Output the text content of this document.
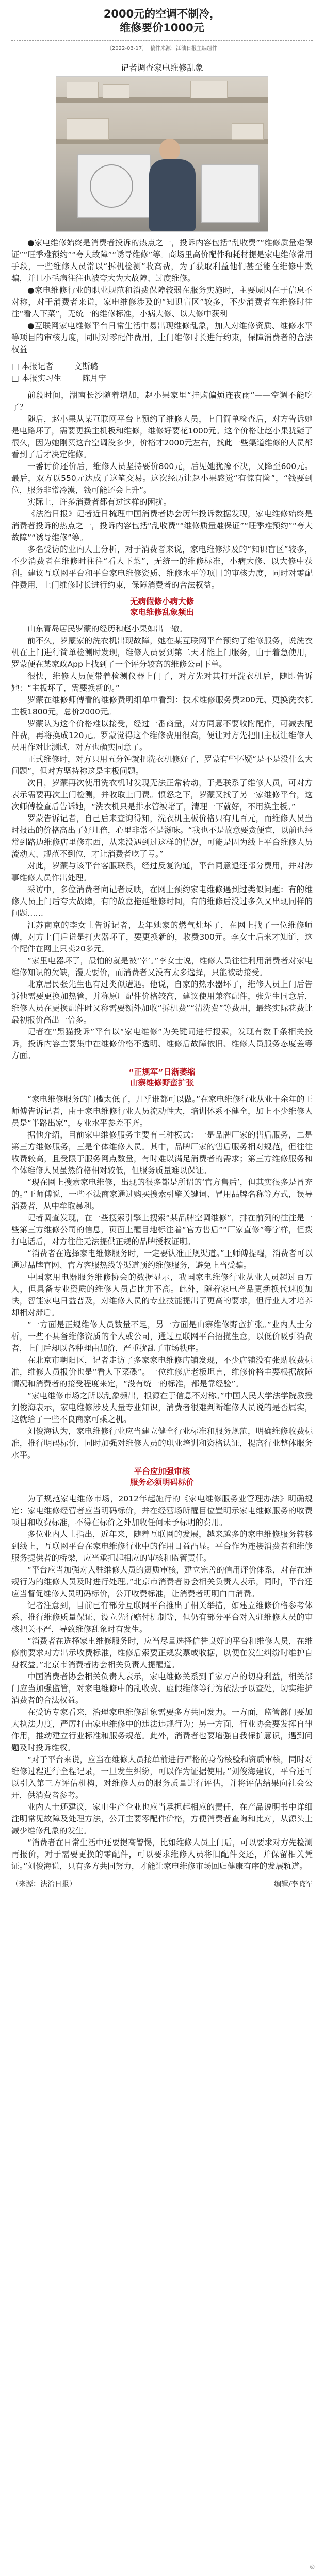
2000元的空调不制冷，
维修要价1000元
〔2022-03-17〕 稿件来源：江油日报主编组件
记者调查家电维修乱象

●家电维修始终是消费者投诉的热点之一，投诉内容包括“乱收费”“维修质量难保证”“旺季难预约”“夸大故障”“诱导维修”等。商场里高价配件和耗材提是家电维修常用手段，一些维修人员常以“拆机检测”收高费，为了获取利益他们甚至能在维修中欺骗，并且小毛病往往也被夸大为大故障、过度维修。

●家电维修行业的职业规范和消费保障较弱在服务实施时，主要原因在于信息不对称，对于消费者来说，家电维修涉及的“知识盲区”较多，不少消费者在维修时往往“看人下菜”，无统一的维修标准，小病大修、以大修中获利

●互联网家电维修平台日常生活中易出现维修乱象，加大对维修资质、维修水平等项目的审核力度，同时对零配件费用，上门维修时长进行约束，保障消费者的合法权益

□ 本报记者	文斯璐
□ 本报实习生	陈月宁

前段时间，湖南长沙随着增加，赵小果家里“挂购偏烦连夜雨”——空调不能吃了？

随后，赵小果从某互联网平台上预约了维修人员，上门简单检查后，对方告诉她是电路坏了，需要更换主机板和维修，维修好要花1000元。这个价格让赵小果犹疑了很久，因为她刚买这台空调没多少，价格才2000元左右，找此一些渠道维修的人员都看到了后才决定维修。

一番讨价还价后，维修人员坚持要价800元，后见她犹豫不决，又降至600元。最后，双方以550元达成了这笔交易。这次经历让赵小果感觉“有惊有险”，“钱要到位，服务非常冷漠，钱可能还会上升”。

实际上，许多消费者都有过这样的困扰。

《法治日报》记者近日梳理中国消费者协会历年投诉数据发现，家电维修始终是消费者投诉的热点之一，投诉内容包括“乱收费”“维修质量难保证”“旺季难预约”“夸大故障”“诱导维修”等。

多名受访的业内人士分析，对于消费者来说，家电维修涉及的“知识盲区”较多，不少消费者在维修时往往“看人下菜”，无统一的维修标准，小病大修、以大修中获利。建议互联网平台和平台家电维修资质、维修水平等项目的审核力度，同时对零配件费用，上门维修时长进行约束，保障消费者的合法权益。

无病假修小病大修
家电维修乱象频出

山东青岛居民罗蒙的经历和赵小果如出一辙。

前不久，罗蒙家的洗衣机出现故障，她在某互联网平台预约了维修服务，说洗衣机在上门进行简单检测时发现，维修人员要到第二天才能上门服务，由于着急使用，罗蒙便在某家政App上找到了一个评分较高的维修公司下单。

很快，维修人员便带着检测仪器上门了，对方先对其打开洗衣机后，随即告诉她：“主板坏了，需要换新的。”

罗蒙在维修师傅看的维修费明细单中看到：技术维修服务费200元、更换洗衣机主板1800元，总价2000元。

罗蒙认为这个价格难以接受，经过一番商量，对方同意不要收附配件，可减去配件费，再将换成120元。罗蒙觉得这个维修费用很高，便让对方先把旧主板让维修人员用作对比测试，对方也确实同意了。

正式维修时，对方只用五分钟就把洗衣机修好了，罗蒙有些怀疑“是不是没什么大问题”，但对方坚持称这是主板问题。

次日，罗蒙再次使用洗衣机时发现无法正常转动，于是联系了维修人员，可对方表示需要再次上门检测，并收取上门费。愤怒之下，罗蒙又找了另一家维修平台，这次师傅检查后告诉她，“洗衣机只是排水管被堵了，清理一下就好，不用换主板。”

罗蒙告诉记者，自己后来查询得知，洗衣机主板价格只有几百元，而维修人员当时报出的价格高出了好几倍，心里非常不是滋味。“我也不是故意要贪便宜，以前也经常到路边维修店里修东西，从来没遇到过这样的情况，可能是因为线上平台维修人员流动大、规范不到位，才让消费者吃了亏。”

对此，罗蒙与该平台客服联系，经过反复沟通，平台同意退还部分费用，并对涉事维修人员作出处理。

采访中，多位消费者向记者反映，在网上预约家电维修遇到过类似问题：有的维修人员上门后夸大故障，有的故意拖延维修时间，有的维修后没过多久又出现同样的问题……

江苏南京的李女士告诉记者，去年她家的燃气灶坏了，在网上找了一位维修师傅，对方上门后说是打火器坏了，要更换新的，收费300元。李女士后来才知道，这个配件在网上只卖20多元。

“家里电器坏了，最怕的就是被‘宰’。”李女士说，维修人员往往利用消费者对家电维修知识的欠缺，漫天要价，而消费者又没有太多选择，只能被动接受。

北京居民张先生也有过类似遭遇。他说，自家的热水器坏了，维修人员上门后告诉他需要更换加热管，并称原厂配件价格较高，建议使用兼容配件，张先生同意后，维修人员在更换配件时又称需要额外加收“拆机费”“清洗费”等费用，最终实际花费比最初报价高出一倍多。

记者在“黑猫投诉”平台以“家电维修”为关键词进行搜索，发现有数千条相关投诉，投诉内容主要集中在维修价格不透明、维修后故障依旧、维修人员服务态度差等方面。

“正规军”日渐萎缩
山寨维修野蛮扩张

“家电维修服务的门槛太低了，几乎谁都可以做。”在家电维修行业从业十余年的王师傅告诉记者，由于家电维修行业人员流动性大，培训体系不健全，加上不少维修人员是“半路出家”，专业水平参差不齐。

据他介绍，目前家电维修服务主要有三种模式：一是品牌厂家的售后服务，二是第三方维修服务，三是个体维修人员。其中，品牌厂家的售后服务相对规范，但往往收费较高，且受限于服务网点数量，有时难以满足消费者的需求；第三方维修服务和个体维修人员虽然价格相对较低，但服务质量难以保证。

“现在网上搜索家电维修，出现的很多都是所谓的‘官方售后’，但其实很多是冒充的。”王师傅说，一些不法商家通过购买搜索引擎关键词、冒用品牌名称等方式，误导消费者，从中牟取暴利。

记者调查发现，在一些搜索引擎上搜索“某品牌空调维修”，排在前列的往往是一些第三方维修公司的信息，页面上醒目地标注着“官方售后”“厂家直修”等字样，但拨打电话后，对方往往无法提供正规的品牌授权证明。

“消费者在选择家电维修服务时，一定要认准正规渠道。”王师傅提醒，消费者可以通过品牌官网、官方客服热线等渠道预约维修服务，避免上当受骗。

中国家用电器服务维修协会的数据显示，我国家电维修行业从业人员超过百万人，但具备专业资质的维修人员占比并不高。此外，随着家电产品更新换代速度加快，智能家电日益普及，对维修人员的专业技能提出了更高的要求，但行业人才培养却相对滞后。

“一方面是正规维修人员数量不足，另一方面是山寨维修野蛮扩张。”业内人士分析，一些不具备维修资质的个人或公司，通过互联网平台招揽生意，以低价吸引消费者，上门后却以各种理由加价，严重扰乱了市场秩序。

在北京市朝阳区，记者走访了多家家电维修店铺发现，不少店铺没有张贴收费标准，维修人员报价也是“看人下菜碟”。一位维修店老板坦言，维修价格主要根据故障情况和消费者的接受程度来定，“没有统一的标准，都是靠经验”。

“家电维修市场之所以乱象频出，根源在于信息不对称。”中国人民大学法学院教授刘俊海表示，家电维修涉及大量专业知识，消费者很难判断维修人员说的是否属实，这就给了一些不良商家可乘之机。

刘俊海认为，家电维修行业应当建立健全行业标准和服务规范，明确维修收费标准，推行明码标价，同时加强对维修人员的职业培训和资格认证，提高行业整体服务水平。

平台应加强审核
服务必须明码标价

为了规范家电维修市场，2012年起施行的《家电维修服务业管理办法》明确规定：家电维修经营者应当明码标价，并在经营场所醒目位置明示家电维修服务的收费项目和收费标准，不得在标价之外加收任何未予标明的费用。

多位业内人士指出，近年来，随着互联网的发展，越来越多的家电维修服务转移到线上，互联网平台在家电维修行业中的作用日益凸显。平台作为连接消费者和维修服务提供者的桥梁，应当承担起相应的审核和监管责任。

“平台应当加强对入驻维修人员的资质审核，建立完善的信用评价体系，对存在违规行为的维修人员及时进行处理。”北京市消费者协会相关负责人表示，同时，平台还应当督促维修人员明码标价，公开收费标准，让消费者明明白白消费。

记者注意到，目前已有部分互联网平台推出了相关举措，如建立维修价格参考体系、推行维修质量保证、设立先行赔付机制等，但仍有部分平台对入驻维修人员的审核把关不严，导致维修乱象时有发生。

“消费者在选择家电维修服务时，应当尽量选择信誉良好的平台和维修人员，在维修前要求对方出示收费标准，维修后索要正规发票或收据，以便在发生纠纷时维护自身权益。”北京市消费者协会相关负责人提醒道。

中国消费者协会相关负责人表示，家电维修关系到千家万户的切身利益，相关部门应当加强监管，对家电维修中的乱收费、虚假维修等行为依法予以查处，切实维护消费者的合法权益。

在受访专家看来，治理家电维修乱象需要多方共同发力。一方面，监管部门要加大执法力度，严厉打击家电维修中的违法违规行为；另一方面，行业协会要发挥自律作用，推动建立行业标准和服务规范。此外，消费者也要增强自我保护意识，遇到问题及时投诉维权。

“对于平台来说，应当在维修人员接单前进行严格的身份核验和资质审核，同时对维修过程进行全程记录，一旦发生纠纷，可以作为证据使用。”刘俊海建议，平台还可以引入第三方评估机构，对维修人员的服务质量进行评估，并将评估结果向社会公开，供消费者参考。

业内人士还建议，家电生产企业也应当承担起相应的责任，在产品说明书中详细注明常见故障及处理方法，公开主要零配件价格，方便消费者查询和比对，从源头上减少维修乱象的发生。

“消费者在日常生活中还要提高警惕，比如维修人员上门后，可以要求对方先检测再报价，对于需要更换的零配件，可以要求维修人员将旧配件交还，并保留相关凭证。”刘俊海说，只有多方共同努力，才能让家电维修市场回归健康有序的发展轨道。

（来源：法治日报）	编辑/李晓军
◎
